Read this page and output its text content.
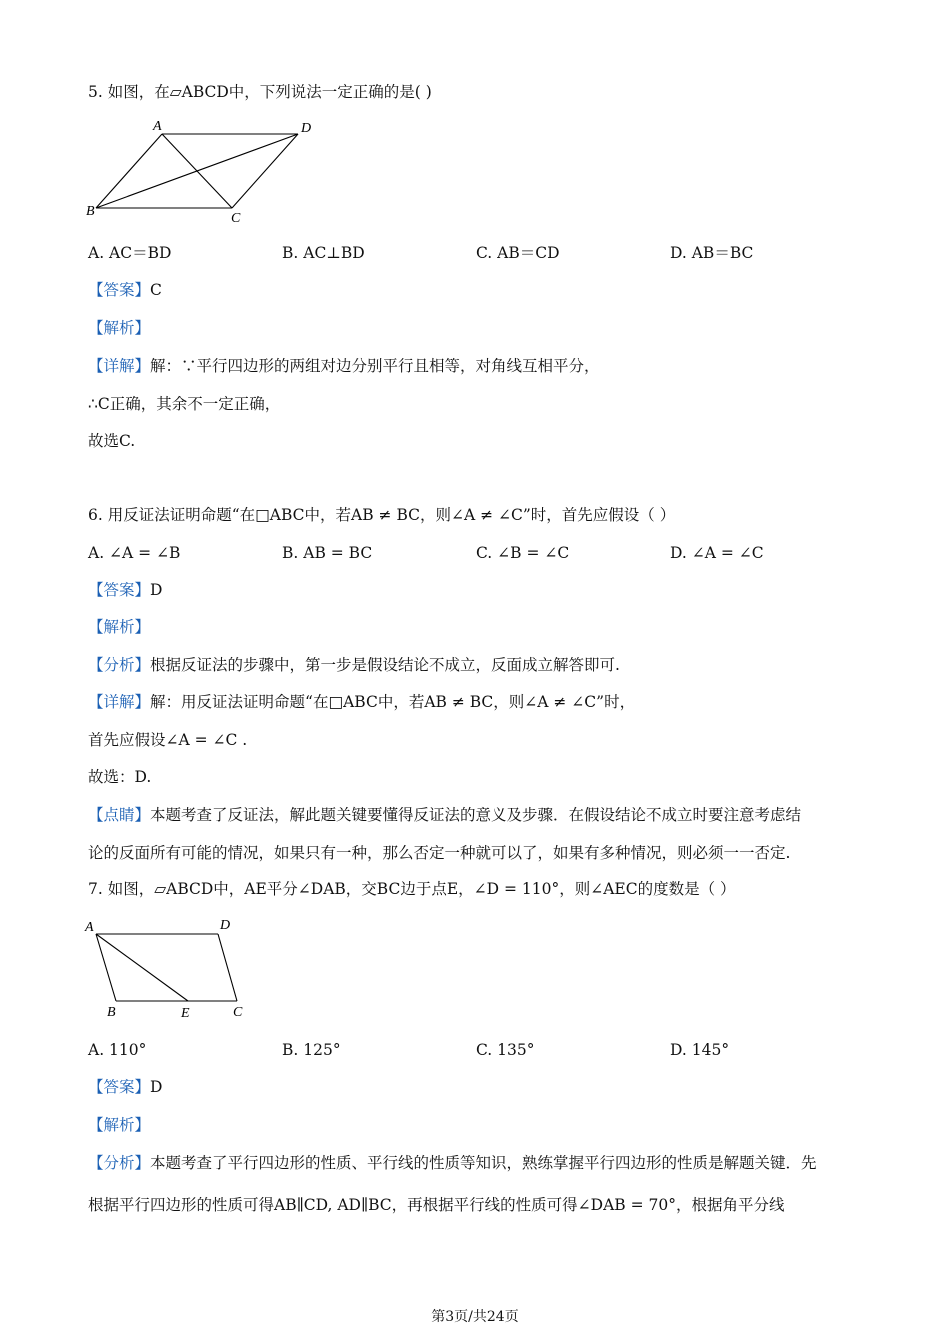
5. 如图，在▱ABCD中，下列说法一定正确的是( )
A	D
B	C
A. AC＝BD	B. AC⊥BD	C. AB＝CD	D. AB＝BC
【答案】C
【解析】
【详解】解：∵平行四边形的两组对边分别平行且相等，对角线互相平分，
∴C正确，其余不一定正确，
故选C.
6. 用反证法证明命题“在□ABC中，若AB ≠ BC，则∠A ≠ ∠C”时，首先应假设（ ）
A. ∠A = ∠B	B. AB = BC	C. ∠B = ∠C	D. ∠A = ∠C
【答案】D
【解析】
【分析】根据反证法的步骤中，第一步是假设结论不成立，反面成立解答即可.
【详解】解：用反证法证明命题“在□ABC中，若AB ≠ BC，则∠A ≠ ∠C”时，
首先应假设∠A = ∠C .
故选：D.
【点睛】本题考查了反证法，解此题关键要懂得反证法的意义及步骤．在假设结论不成立时要注意考虑结
论的反面所有可能的情况，如果只有一种，那么否定一种就可以了，如果有多种情况，则必须一一否定.
7. 如图，▱ABCD中，AE平分∠DAB，交BC边于点E，∠D = 110°，则∠AEC的度数是（ ）
A	D
B	E	C
A. 110°	B. 125°	C. 135°	D. 145°
【答案】D
【解析】
【分析】本题考查了平行四边形的性质、平行线的性质等知识，熟练掌握平行四边形的性质是解题关键．先
根据平行四边形的性质可得AB∥CD, AD∥BC，再根据平行线的性质可得∠DAB = 70°，根据角平分线
第3页/共24页
